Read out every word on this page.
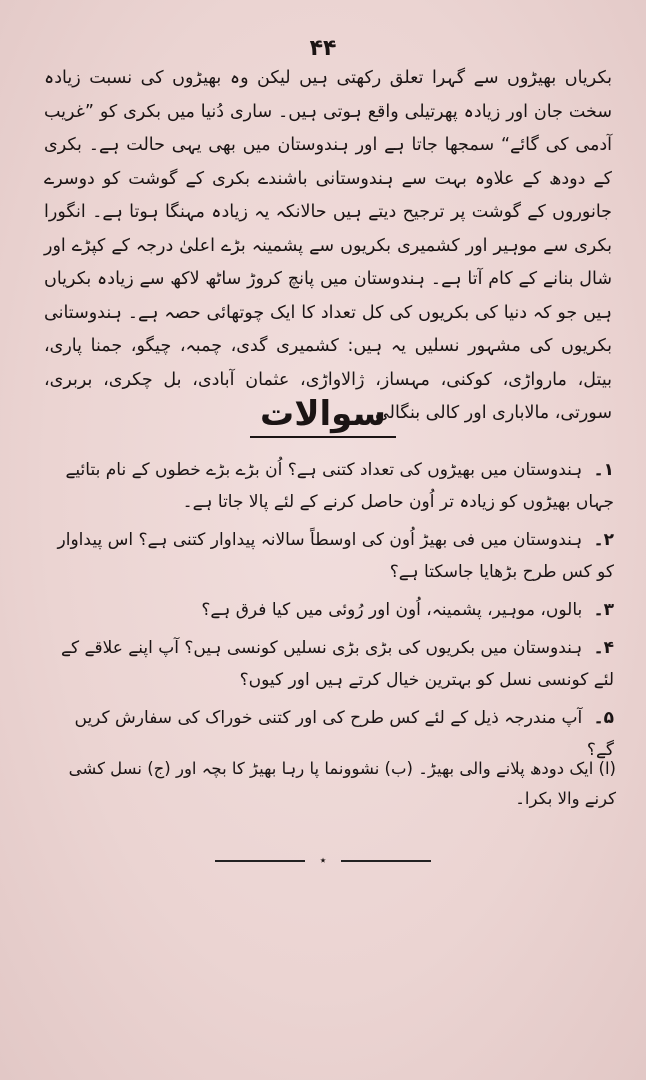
۴۴
بکریاں بھیڑوں سے گہرا تعلق رکھتی ہیں لیکن وہ بھیڑوں کی نسبت زیادہ سخت جان اور زیادہ پھرتیلی واقع ہوتی ہیں۔ ساری دُنیا میں بکری کو ”غریب آدمی کی گائے“ سمجھا جاتا ہے اور ہندوستان میں بھی یہی حالت ہے۔ بکری کے دودھ کے علاوہ بہت سے ہندوستانی باشندے بکری کے گوشت کو دوسرے جانوروں کے گوشت پر ترجیح دیتے ہیں حالانکہ یہ زیادہ مہنگا ہوتا ہے۔ انگورا بکری سے موہیر اور کشمیری بکریوں سے پشمینہ بڑے اعلیٰ درجہ کے کپڑے اور شال بنانے کے کام آتا ہے۔ ہندوستان میں پانچ کروڑ ساٹھ لاکھ سے زیادہ بکریاں ہیں جو کہ دنیا کی بکریوں کی کل تعداد کا ایک چوتھائی حصہ ہے۔ ہندوستانی بکریوں کی مشہور نسلیں یہ ہیں: کشمیری گدی، چمبہ، چیگو، جمنا پاری، بیتل، مارواڑی، کوکنی، مہساز، ژالاواڑی، عثمان آبادی، بل چکری، بربری، سورتی، مالاباری اور کالی بنگالی۔
سوالات
١۔ ہندوستان میں بھیڑوں کی تعداد کتنی ہے؟ اُن بڑے بڑے خطوں کے نام بتائیے جہاں بھیڑوں کو زیادہ تر اُون حاصل کرنے کے لئے پالا جاتا ہے۔
٢۔ ہندوستان میں فی بھیڑ اُون کی اوسطاً سالانہ پیداوار کتنی ہے؟ اس پیداوار کو کس طرح بڑھایا جاسکتا ہے؟
٣۔ بالوں، موہیر، پشمینہ، اُون اور رُوئی میں کیا فرق ہے؟
۴۔ ہندوستان میں بکریوں کی بڑی بڑی نسلیں کونسی ہیں؟ آپ اپنے علاقے کے لئے کونسی نسل کو بہترین خیال کرتے ہیں اور کیوں؟
۵۔ آپ مندرجہ ذیل کے لئے کس طرح کی اور کتنی خوراک کی سفارش کریں گے؟
(ا) ایک دودھ پلانے والی بھیڑ۔ (ب) نشوونما پا رہا بھیڑ کا بچہ اور (ج) نسل کشی کرنے والا بکرا۔
٭
